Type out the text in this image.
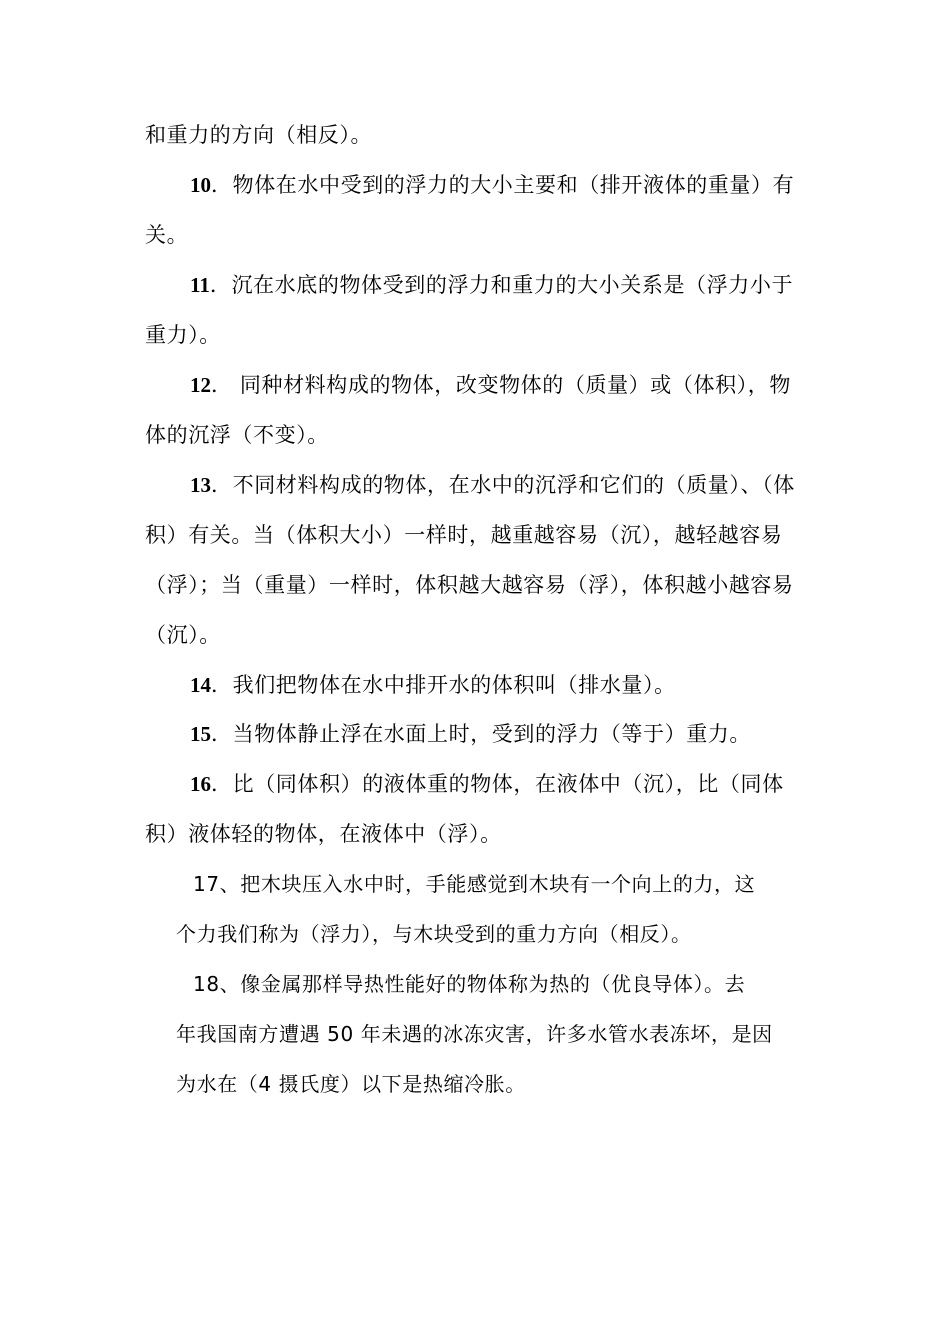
和重力的方向（相反）。
10．物体在水中受到的浮力的大小主要和（排开液体的重量）有
关。
11．沉在水底的物体受到的浮力和重力的大小关系是（浮力小于
重力）。
12． 同种材料构成的物体，改变物体的（质量）或（体积），物
体的沉浮（不变）。
13．不同材料构成的物体，在水中的沉浮和它们的（质量）、（体
积）有关。当（体积大小）一样时，越重越容易（沉），越轻越容易
（浮）；当（重量）一样时，体积越大越容易（浮），体积越小越容易
（沉）。
14．我们把物体在水中排开水的体积叫（排水量）。
15．当物体静止浮在水面上时，受到的浮力（等于）重力。
16．比（同体积）的液体重的物体，在液体中（沉），比（同体
积）液体轻的物体，在液体中（浮）。
17、把木块压入水中时，手能感觉到木块有一个向上的力，这
个力我们称为（浮力），与木块受到的重力方向（相反）。
18、像金属那样导热性能好的物体称为热的（优良导体）。去
年我国南方遭遇 50 年未遇的冰冻灾害，许多水管水表冻坏，是因
为水在（4 摄氏度）以下是热缩冷胀。
